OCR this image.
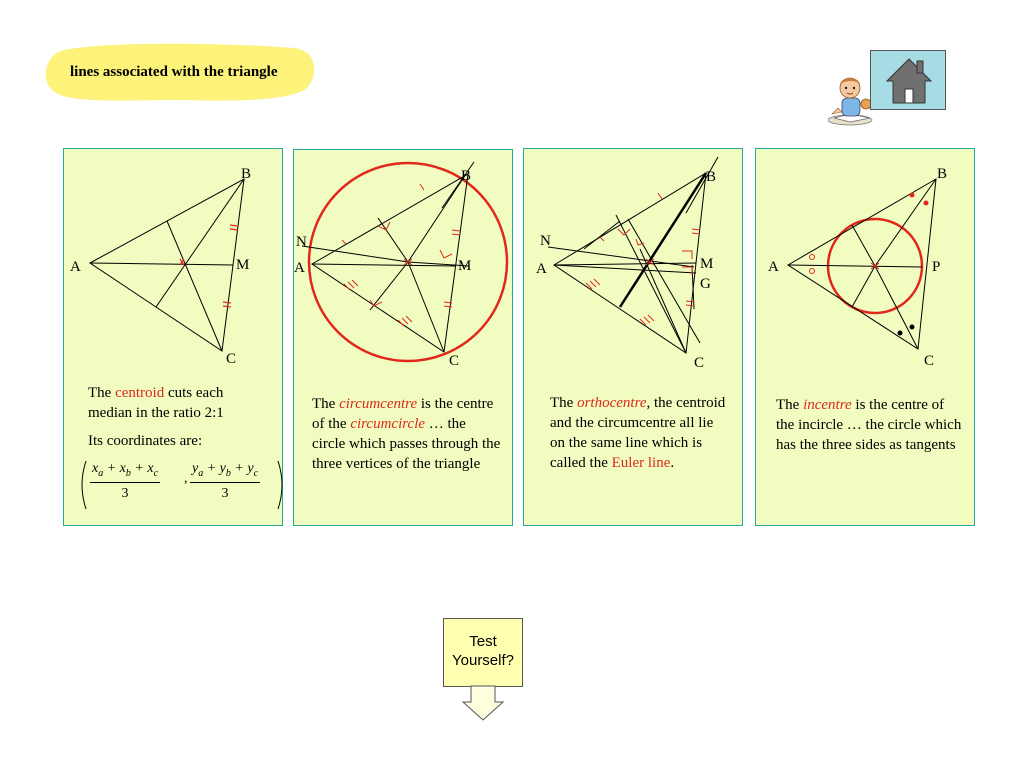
lines associated with the triangle
A
B
C
M

The centroid cuts each median in the ratio 2:1

Its coordinates are:

$\frac{x_a + x_b + x_c}{3}$ , $\frac{y_a + y_b + y_c}{3}$
N
A
B
C
M

The circumcentre is the centre of the circumcircle … the circle which passes through the three vertices of the triangle

N
A
B
C
M
G

The orthocentre, the centroid and the circumcentre all lie on the same line which is called the Euler line.

A
B
C
P

The incentre is the centre of the incircle … the circle which has the three sides as tangents

Test
Yourself?
